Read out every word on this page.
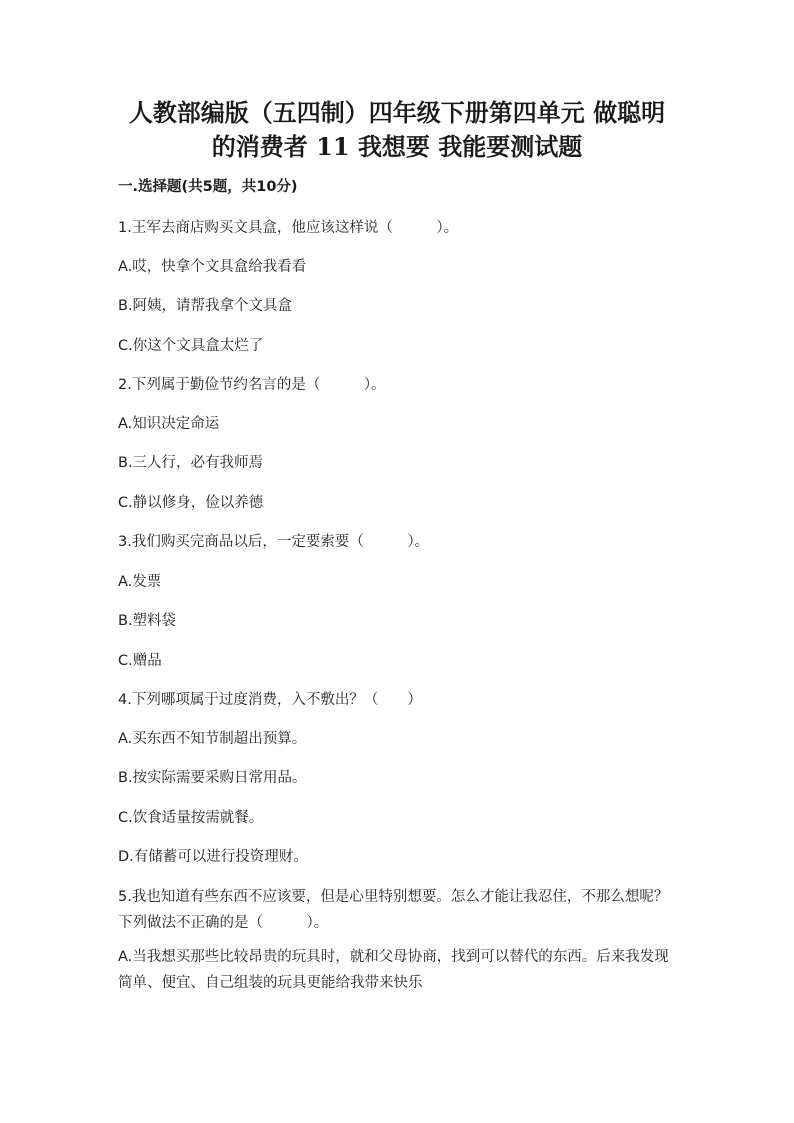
人教部编版（五四制）四年级下册第四单元 做聪明
的消费者 11 我想要 我能要测试题
一.选择题(共5题，共10分)
1.王军去商店购买文具盒，他应该这样说（　　　）。
A.哎，快拿个文具盒给我看看
B.阿姨，请帮我拿个文具盒
C.你这个文具盒太烂了
2.下列属于勤俭节约名言的是（　　　）。
A.知识决定命运
B.三人行，必有我师焉
C.静以修身，俭以养德
3.我们购买完商品以后，一定要索要（　　　）。
A.发票
B.塑料袋
C.赠品
4.下列哪项属于过度消费，入不敷出？（　　）
A.买东西不知节制超出预算。
B.按实际需要采购日常用品。
C.饮食适量按需就餐。
D.有储蓄可以进行投资理财。
5.我也知道有些东西不应该要，但是心里特别想要。怎么才能让我忍住，不那么想呢？下列做法不正确的是（　　　）。
A.当我想买那些比较昂贵的玩具时，就和父母协商，找到可以替代的东西。后来我发现简单、便宜、自己组装的玩具更能给我带来快乐
